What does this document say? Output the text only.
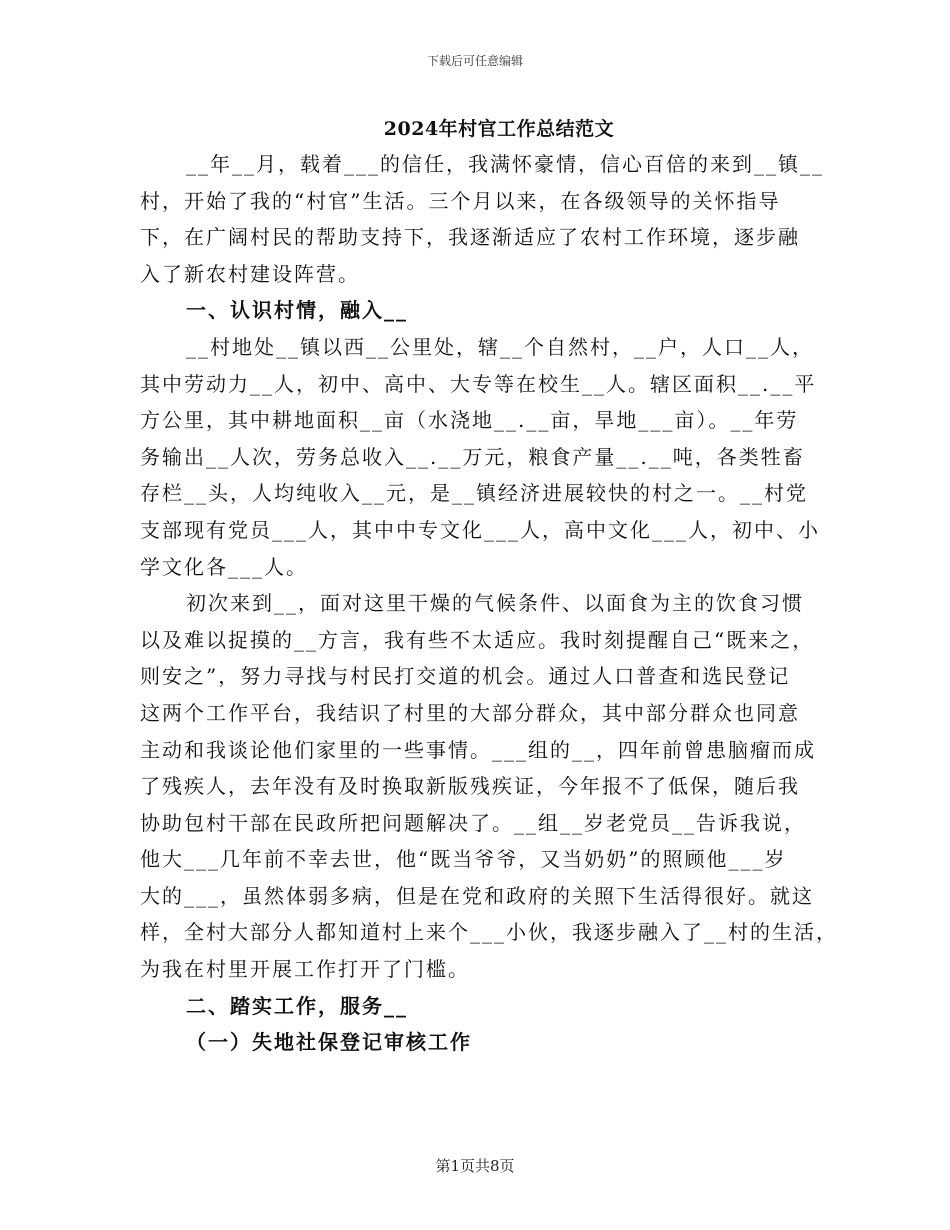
下载后可任意编辑
2024年村官工作总结范文
__年__月，载着___的信任，我满怀豪情，信心百倍的来到__镇__
村，开始了我的“村官”生活。三个月以来，在各级领导的关怀指导
下，在广阔村民的帮助支持下，我逐渐适应了农村工作环境，逐步融
入了新农村建设阵营。
一、认识村情，融入__
__村地处__镇以西__公里处，辖__个自然村，__户，人口__人，
其中劳动力__人，初中、高中、大专等在校生__人。辖区面积__.__平
方公里，其中耕地面积__亩（水浇地__.__亩，旱地___亩）。__年劳
务输出__人次，劳务总收入__.__万元，粮食产量__.__吨，各类牲畜
存栏__头，人均纯收入__元，是__镇经济进展较快的村之一。__村党
支部现有党员___人，其中中专文化___人，高中文化___人，初中、小
学文化各___人。
初次来到__，面对这里干燥的气候条件、以面食为主的饮食习惯
以及难以捉摸的__方言，我有些不太适应。我时刻提醒自己“既来之，
则安之”，努力寻找与村民打交道的机会。通过人口普查和选民登记
这两个工作平台，我结识了村里的大部分群众，其中部分群众也同意
主动和我谈论他们家里的一些事情。___组的__，四年前曾患脑瘤而成
了残疾人，去年没有及时换取新版残疾证，今年报不了低保，随后我
协助包村干部在民政所把问题解决了。__组__岁老党员__告诉我说，
他大___几年前不幸去世，他“既当爷爷，又当奶奶”的照顾他___岁
大的___，虽然体弱多病，但是在党和政府的关照下生活得很好。就这
样，全村大部分人都知道村上来个___小伙，我逐步融入了__村的生活，
为我在村里开展工作打开了门槛。
二、踏实工作，服务__
（一）失地社保登记审核工作
第1页共8页
